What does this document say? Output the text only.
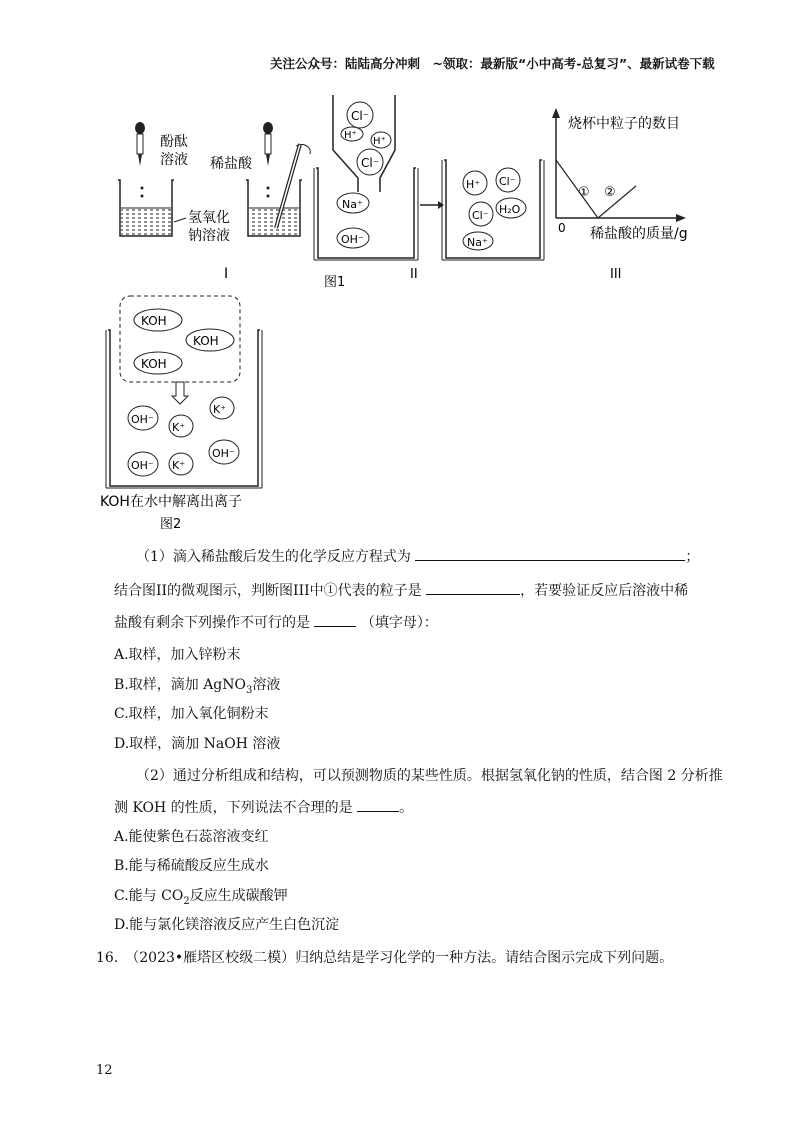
关注公众号：陆陆高分冲刺　~领取：最新版“小中高考-总复习”、最新试卷下载
酚酞
溶液
氢氧化
钠溶液
稀盐酸
I
Cl⁻
H⁺
H⁺
Cl⁻
Na⁺
OH⁻
图1
II
H⁺ Cl⁻
Cl⁻ H₂O
Na⁺
烧杯中粒子的数目
① ②
0 稀盐酸的质量/g
III
KOH
KOH
KOH
OH⁻
K⁺
K⁺
OH⁻ K⁺
OH⁻
KOH在水中解离出离子
图2
（1）滴入稀盐酸后发生的化学反应方程式为	；
结合图II的微观图示，判断图III中①代表的粒子是	，若要验证反应后溶液中稀
盐酸有剩余下列操作不可行的是	（填字母）：
A.取样，加入锌粉末
B.取样，滴加 AgNO$_3$溶液
C.取样，加入氧化铜粉末
D.取样，滴加 NaOH 溶液
（2）通过分析组成和结构，可以预测物质的某些性质。根据氢氧化钠的性质，结合图 2 分析推
测 KOH 的性质，下列说法不合理的是	。
A.能使紫色石蕊溶液变红
B.能与稀硫酸反应生成水
C.能与 $CO_2$反应生成碳酸钾
D.能与氯化镁溶液反应产生白色沉淀
16.　（2023•雁塔区校级二模）归纳总结是学习化学的一种方法。请结合图示完成下列问题。
12
